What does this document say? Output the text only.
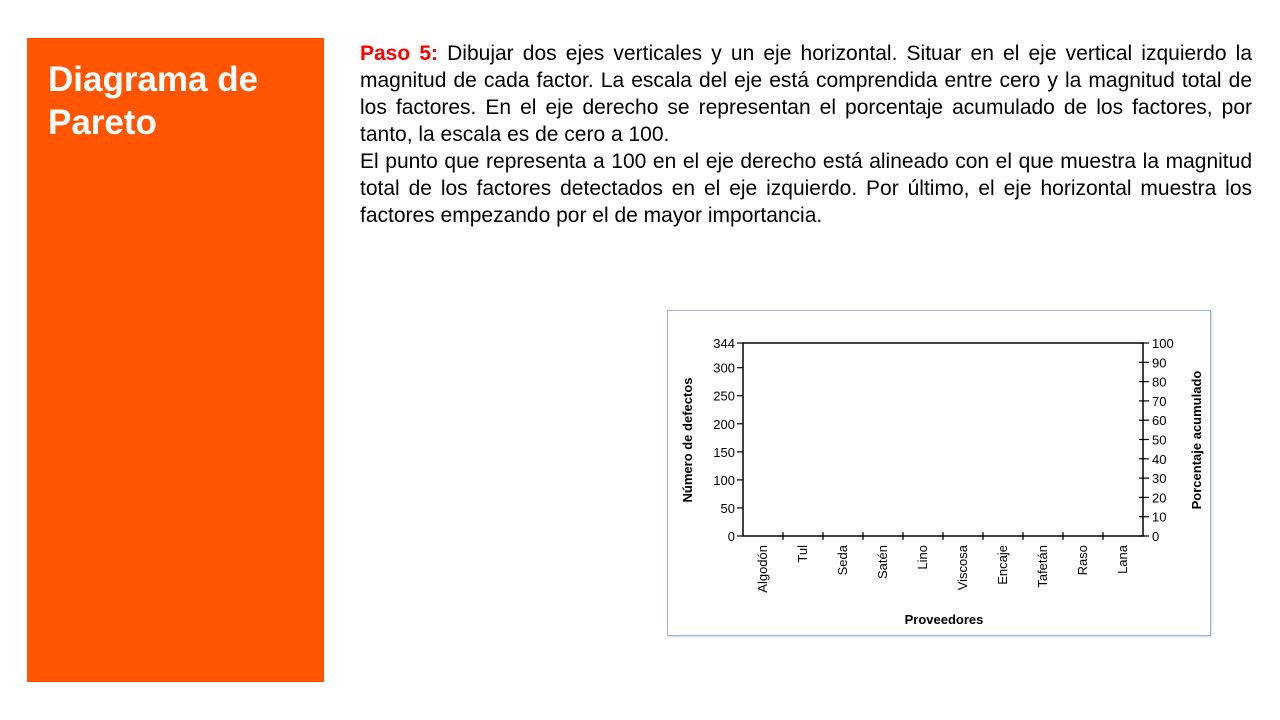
Diagrama de Pareto

Paso 5: Dibujar dos ejes verticales y un eje horizontal. Situar en el eje vertical izquierdo la magnitud de cada factor. La escala del eje está comprendida entre cero y la magnitud total de los factores. En el eje derecho se representan el porcentaje acumulado de los factores, por tanto, la escala es de cero a 100.

El punto que representa a 100 en el eje derecho está alineado con el que muestra la magnitud total de los factores detectados en el eje izquierdo. Por último, el eje horizontal muestra los factores empezando por el de mayor importancia.

0
50
100
150
200
250
300
344
0
10
20
30
40
50
60
70
80
90
100
Algodón Tul Seda Satén Lino Viscosa Encaje Tafetán Raso Lana
Número de defectos	Porcentaje acumulado
Proveedores
